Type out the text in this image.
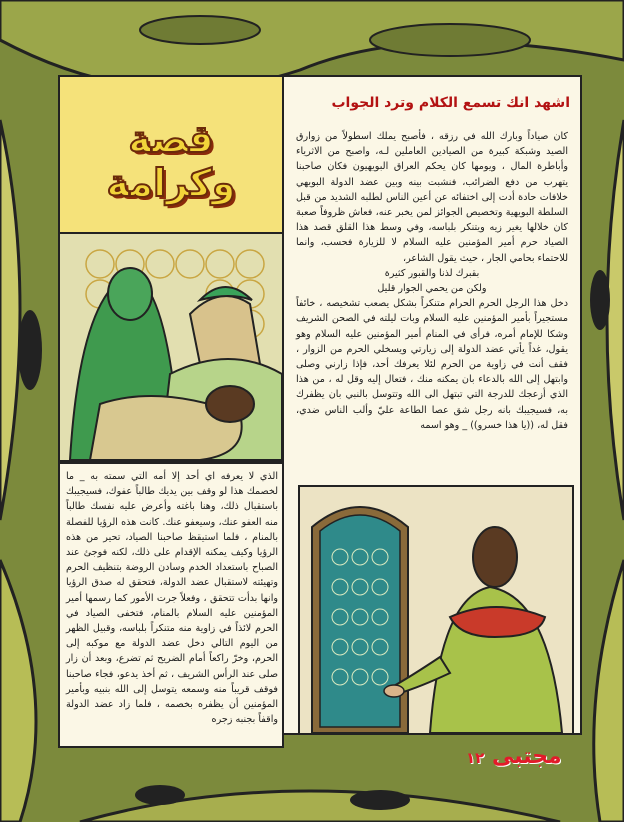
اشهد انك تسمع الكلام وترد الجواب
كان صياداً وبارك الله في رزقه ، فأصبح يملك اسطولاً من زوارق الصيد وشبكة كبيرة من الصيادين العاملين لـه، واصبح من الاثرياء وأباطرة المال ، ويومها كان يحكم العراق البويهيون فكان صاحبنا يتهرب من دفع الضرائب، فنشبت بينه وبين عضد الدولة البويهي خلافات حادة أدت إلى اختفائه عن أعين الناس لطلبه الشديد من قبل السلطة البويهية وتخصيص الجوائز لمن يخبر عنه، فعاش ظروفاً صعبة كان خلالها يغير زيه ويتنكر بلباسه، وفي وسط هذا القلق قصد هذا الصياد حرم أمير المؤمنين عليه السلام لا للزيارة فحسب، وانما للاحتماء بحامي الجار ، حيث يقول الشاعر،
بقبرك لذنا والقبور كثيرة
ولكن من يحمي الجوار قليل
دخل هذا الرجل الحرم الحرام متنكراً بشكل يصعب تشخيصه ، خائفاً مستجيراً بأمير المؤمنين عليه السلام وبات ليلته في الصحن الشريف وشكا للإمام أمره، فرأى في المنام أمير المؤمنين عليه السلام وهو يقول، غداً يأتي عضد الدولة إلى زيارتي ويسخلي الحرم من الزوار ، فقف أنت في زاوية من الحرم لئلا يعرفك أحد، فإذا زارني وصلى وابتهل إلى الله بالدعاء بان يمكنه منك ، فتعال إليه وقل له ، من هذا الذي أزعجك للدرجة التي تبتهل الى الله وتتوسل بالنبي بان يظفرك به، فسيجيبك بانه رجل شق عصا الطاعة عليّ وألب الناس ضدي، فقل له، ((يا هذا خسرو)) _ وهو اسمه
قصة وكرامة
الذي لا يعرفه اي أحد إلا أمه التي سمته به _ ما لخصمك هذا لو وقف بين يديك طالباً عفوك، فسيجيبك باستقبال ذلك، وهنا باغته وأعرض عليه نفسك طالباً منه العفو عنك، وسيعفو عنك. كانت هذه الرؤيا للفصلة بالمنام ، فلما استيقظ صاحبنا الصياد، تحير من هذه الرؤيا وكيف يمكنه الإقدام على ذلك، لكنه فوجئ عند الصباح باستعداد الخدم وسادن الروضة بتنظيف الحرم وتهيئته لاستقبال عضد الدولة، فتحقق له صدق الرؤيا وانها بدأت تتحقق ، وفعلاً جرت الأمور كما رسمها أمير المؤمنين عليه السلام بالمنام، فتخفى الصياد في الحرم لائذاً في زاوية منه متنكراً بلباسه، وقبيل الظهر من اليوم التالي دخل عضد الدولة مع موكبه إلى الحرم، وخرّ راكعاً أمام الضريح ثم تضرع، وبعد أن زار صلى عند الرأس الشريف ، ثم أخذ يدعو، فجاء صاحبنا فوقف قريباً منه وسمعه يتوسل إلى الله بنبيه وبأمير المؤمنين أن يظفره بخصمه ، فلما زاد عضد الدولة واقفاً بجنبه زجره
مجتبى ١٢
